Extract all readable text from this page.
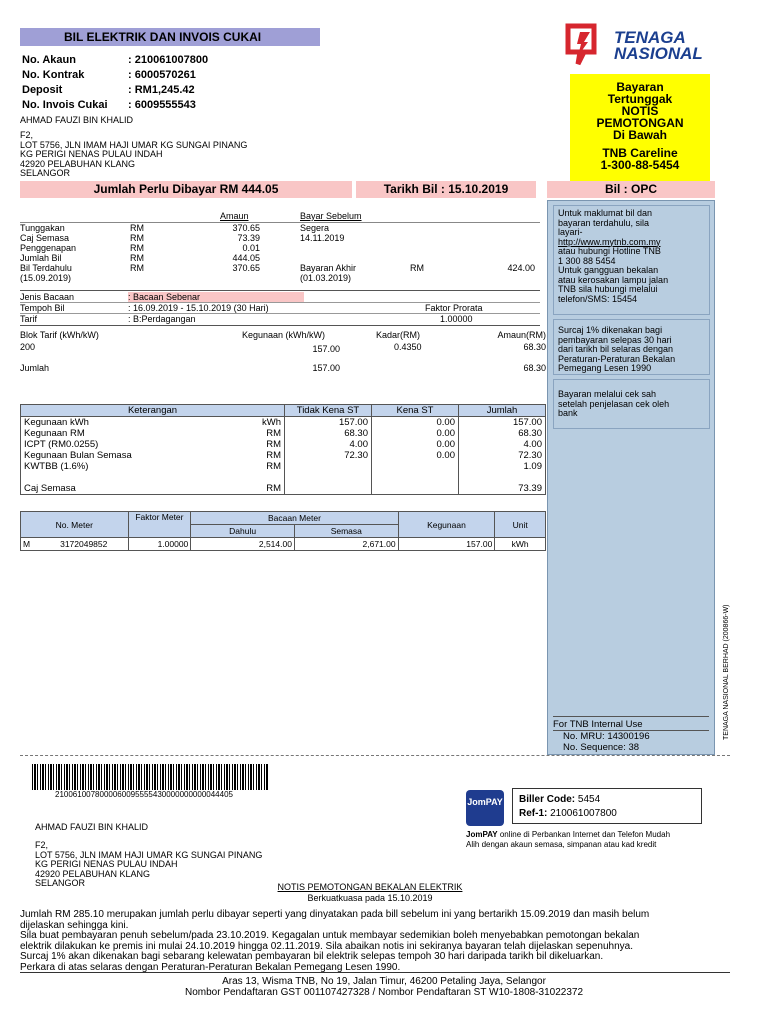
BIL ELEKTRIK DAN INVOIS CUKAI
No. Akaun	: 210061007800
No. Kontrak	: 6000570261
Deposit	: RM1,245.42
No. Invois Cukai : 6009555543
AHMAD FAUZI BIN KHALID
F2,
LOT 5756, JLN IMAM HAJI UMAR KG SUNGAI PINANG
KG PERIGI NENAS PULAU INDAH
42920 PELABUHAN KLANG
SELANGOR
TENAGA
NASIONAL
Bayaran
Tertunggak
NOTIS
PEMOTONGAN
Di Bawah
TNB Careline
1-300-88-5454
Jumlah Perlu Dibayar RM 444.05	Tarikh Bil : 15.10.2019	Bil : OPC
Amaun	Bayar Sebelum
Tunggakan	RM	370.65	Segera
Caj Semasa	RM	73.39	14.11.2019
Penggenapan	RM	0.01
Jumlah Bil	RM	444.05
Bil Terdahulu	RM	370.65	Bayaran Akhir	RM	424.00
(15.09.2019)	(01.03.2019)
Jenis Bacaan	: Bacaan Sebenar
Tempoh Bil	: 16.09.2019 - 15.10.2019 (30 Hari)
Tarif	: B:Perdagangan
Faktor Prorata
1.00000
Blok Tarif (kWh/kW)	Kegunaan (kWh/kW)	Kadar(RM)	Amaun(RM)
200	157.00	0.4350	68.30
Jumlah	157.00	68.30
Keterangan		Tidak Kena ST	Kena ST	Jumlah
Kegunaan kWh	kWh	157.00	0.00	157.00
Kegunaan RM	RM	68.30	0.00	68.30
ICPT (RM0.0255)	RM	4.00	0.00	4.00
Kegunaan Bulan Semasa	RM	72.30	0.00	72.30
KWTBB (1.6%)	RM			1.09

Caj Semasa	RM			73.39
No. Meter	Faktor Meter	Bacaan Meter		Kegunaan	Unit
		Dahulu	Semasa		
M 3172049852	1.00000	2,514.00	2,671.00	157.00	kWh
Untuk maklumat bil dan
bayaran terdahulu, sila
layari-
http://www.mytnb.com.my
atau hubungi Hotline TNB
1 300 88 5454
Untuk gangguan bekalan
atau kerosakan lampu jalan
TNB sila hubungi melalui
telefon/SMS: 15454
Surcaj 1% dikenakan bagi
pembayaran selepas 30 hari
dari tarikh bil selaras dengan
Peraturan-Peraturan Bekalan
Pemegang Lesen 1990
Bayaran melalui cek sah
setelah penjelasan cek oleh
bank
For TNB Internal Use
No. MRU: 14300196
No. Sequence: 38
TENAGA NASIONAL BERHAD (200866-W)
2100610078000060095555430000000000044405
JomPAY Biller Code: 5454
Ref-1: 210061007800
JomPAY online di Perbankan Internet dan Telefon Mudah
Alih dengan akaun semasa, simpanan atau kad kredit
AHMAD FAUZI BIN KHALID
F2,
LOT 5756, JLN IMAM HAJI UMAR KG SUNGAI PINANG
KG PERIGI NENAS PULAU INDAH
42920 PELABUHAN KLANG
SELANGOR	NOTIS PEMOTONGAN BEKALAN ELEKTRIK
Berkuatkuasa pada 15.10.2019
Jumlah RM 285.10 merupakan jumlah perlu dibayar seperti yang dinyatakan pada bill sebelum ini yang bertarikh 15.09.2019 dan masih belum
dijelaskan sehingga kini.
Sila buat pembayaran penuh sebelum/pada 23.10.2019. Kegagalan untuk membayar sedemikian boleh menyebabkan pemotongan bekalan
elektrik dilakukan ke premis ini mulai 24.10.2019 hingga 02.11.2019. Sila abaikan notis ini sekiranya bayaran telah dijelaskan sepenuhnya.
Surcaj 1% akan dikenakan bagi sebarang kelewatan pembayaran bil elektrik selepas tempoh 30 hari daripada tarikh bil dikeluarkan.
Perkara di atas selaras dengan Peraturan-Peraturan Bekalan Pemegang Lesen 1990.
Aras 13, Wisma TNB, No 19, Jalan Timur, 46200 Petaling Jaya, Selangor
Nombor Pendaftaran GST 001107427328 / Nombor Pendaftaran ST W10-1808-31022372
